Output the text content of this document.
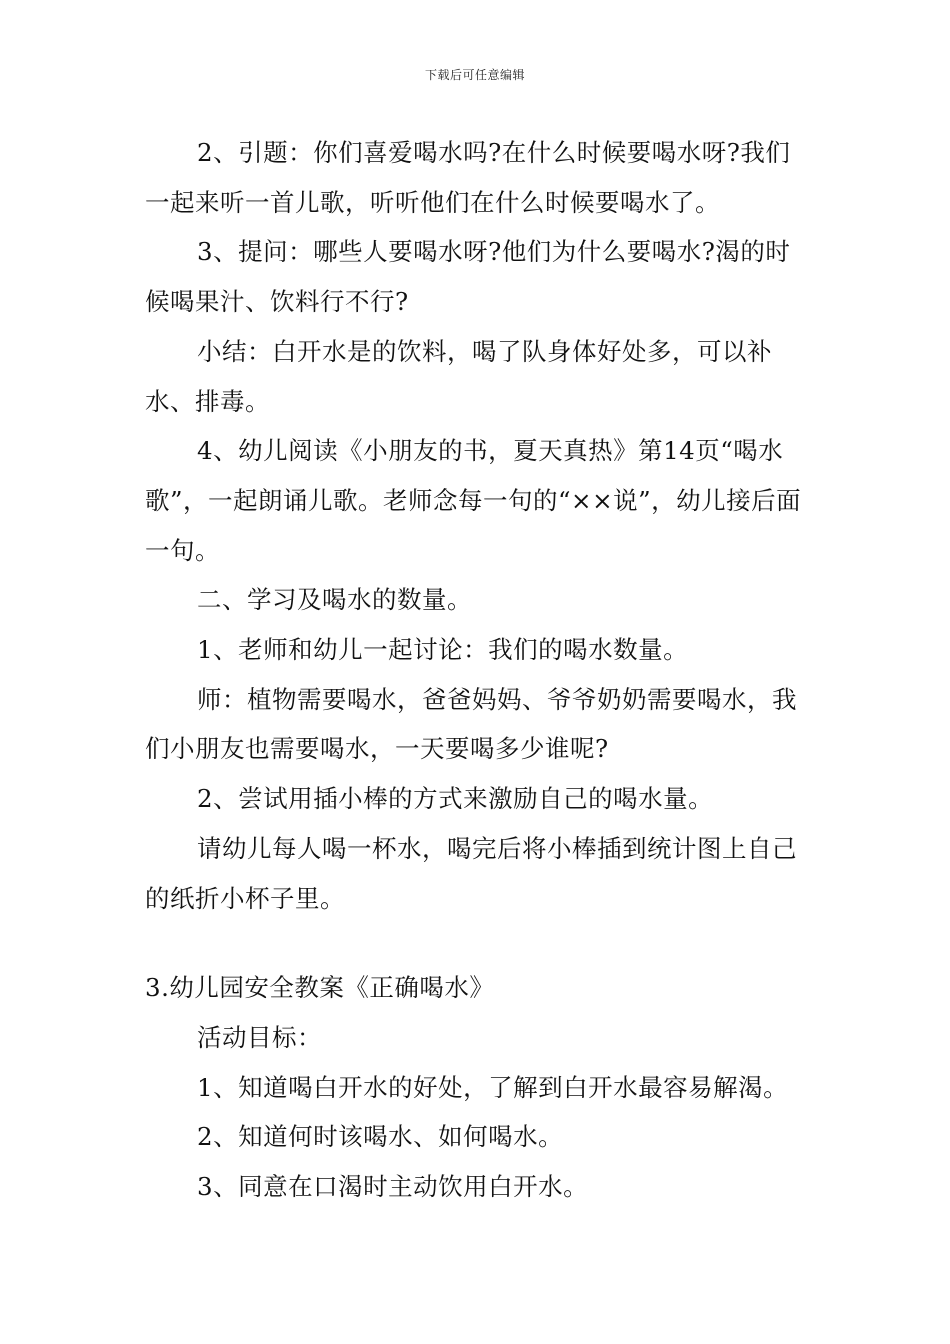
下载后可任意编辑

2、引题：你们喜爱喝水吗?在什么时候要喝水呀?我们一起来听一首儿歌，听听他们在什么时候要喝水了。

3、提问：哪些人要喝水呀?他们为什么要喝水?渴的时候喝果汁、饮料行不行?

小结：白开水是的饮料，喝了队身体好处多，可以补水、排毒。

4、幼儿阅读《小朋友的书，夏天真热》第14页“喝水歌”，一起朗诵儿歌。老师念每一句的“××说”，幼儿接后面一句。

二、学习及喝水的数量。

1、老师和幼儿一起讨论：我们的喝水数量。

师：植物需要喝水，爸爸妈妈、爷爷奶奶需要喝水，我们小朋友也需要喝水，一天要喝多少谁呢?

2、尝试用插小棒的方式来激励自己的喝水量。

请幼儿每人喝一杯水，喝完后将小棒插到统计图上自己的纸折小杯子里。

3.幼儿园安全教案《正确喝水》

活动目标：

1、知道喝白开水的好处，了解到白开水最容易解渴。

2、知道何时该喝水、如何喝水。

3、同意在口渴时主动饮用白开水。
